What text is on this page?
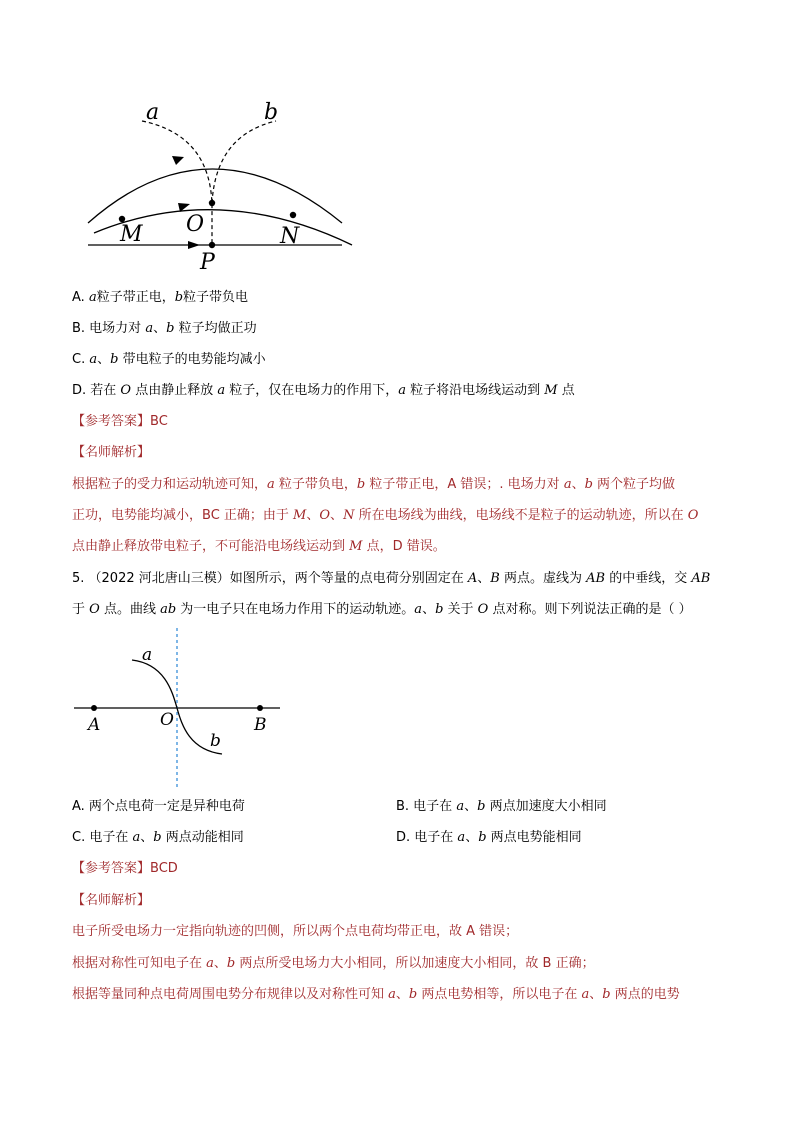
a	b
O
M	N
P
A. a粒子带正电，b粒子带负电
B. 电场力对 a、b 粒子均做正功
C. a、b 带电粒子的电势能均减小
D. 若在 O 点由静止释放 a 粒子，仅在电场力的作用下，a 粒子将沿电场线运动到 M 点
【参考答案】BC
【名师解析】
根据粒子的受力和运动轨迹可知，a 粒子带负电，b 粒子带正电，A 错误；. 电场力对 a、b 两个粒子均做
正功，电势能均减小，BC 正确；由于 M、O、N 所在电场线为曲线，电场线不是粒子的运动轨迹，所以在 O
点由静止释放带电粒子，不可能沿电场线运动到 M 点，D 错误。
5. （2022 河北唐山三模）如图所示，两个等量的点电荷分别固定在 A、B 两点。虚线为 AB 的中垂线，交 AB
于 O 点。曲线 ab 为一电子只在电场力作用下的运动轨迹。a、b 关于 O 点对称。则下列说法正确的是（ ）
a
b
A	O	B
A. 两个点电荷一定是异种电荷	B. 电子在 a、b 两点加速度大小相同
C. 电子在 a、b 两点动能相同	D. 电子在 a、b 两点电势能相同
【参考答案】BCD
【名师解析】
电子所受电场力一定指向轨迹的凹侧，所以两个点电荷均带正电，故 A 错误；
根据对称性可知电子在 a、b 两点所受电场力大小相同，所以加速度大小相同，故 B 正确；
根据等量同种点电荷周围电势分布规律以及对称性可知 a、b 两点电势相等，所以电子在 a、b 两点的电势
